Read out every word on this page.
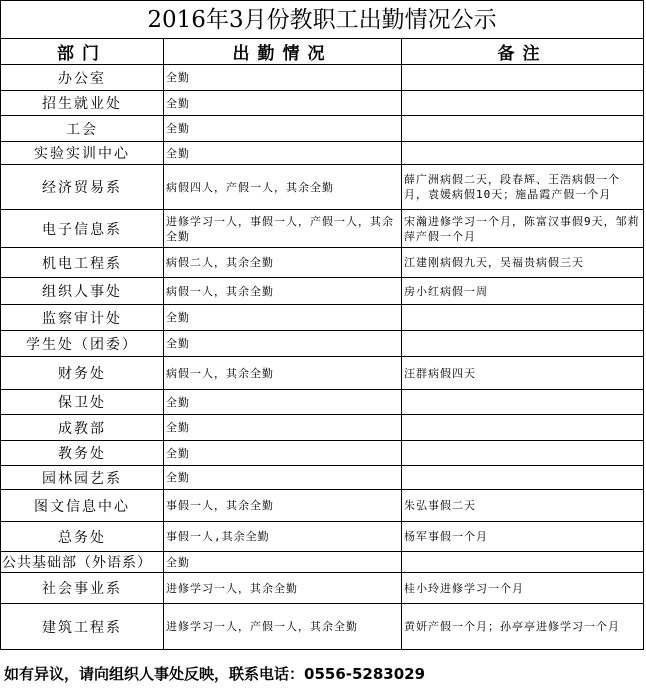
2016年3月份教职工出勤情况公示
部门	出勤情况	备注
办公室	全勤	
招生就业处	全勤	
工会	全勤	
实验实训中心	全勤	
经济贸易系	病假四人，产假一人，其余全勤	薛广洲病假二天，段春辉、王浩病假一个月，袁媛病假10天；施晶霞产假一个月
电子信息系	进修学习一人，事假一人，产假一人，其余全勤	宋瀚进修学习一个月，陈富汉事假9天，邹莉萍产假一个月
机电工程系	病假二人，其余全勤	江建刚病假九天，吴福贵病假三天
组织人事处	病假一人，其余全勤	房小红病假一周
监察审计处	全勤	
学生处（团委）	全勤	
财务处	病假一人，其余全勤	汪群病假四天
保卫处	全勤	
成教部	全勤	
教务处	全勤	
园林园艺系	全勤	
图文信息中心	事假一人，其余全勤	朱弘事假二天
总务处	事假一人,其余全勤	杨军事假一个月
公共基础部（外语系）	全勤	
社会事业系	进修学习一人，其余全勤	桂小玲进修学习一个月
建筑工程系	进修学习一人，产假一人，其余全勤	黄妍产假一个月；孙亭亭进修学习一个月
如有异议，请向组织人事处反映，联系电话：0556-5283029
